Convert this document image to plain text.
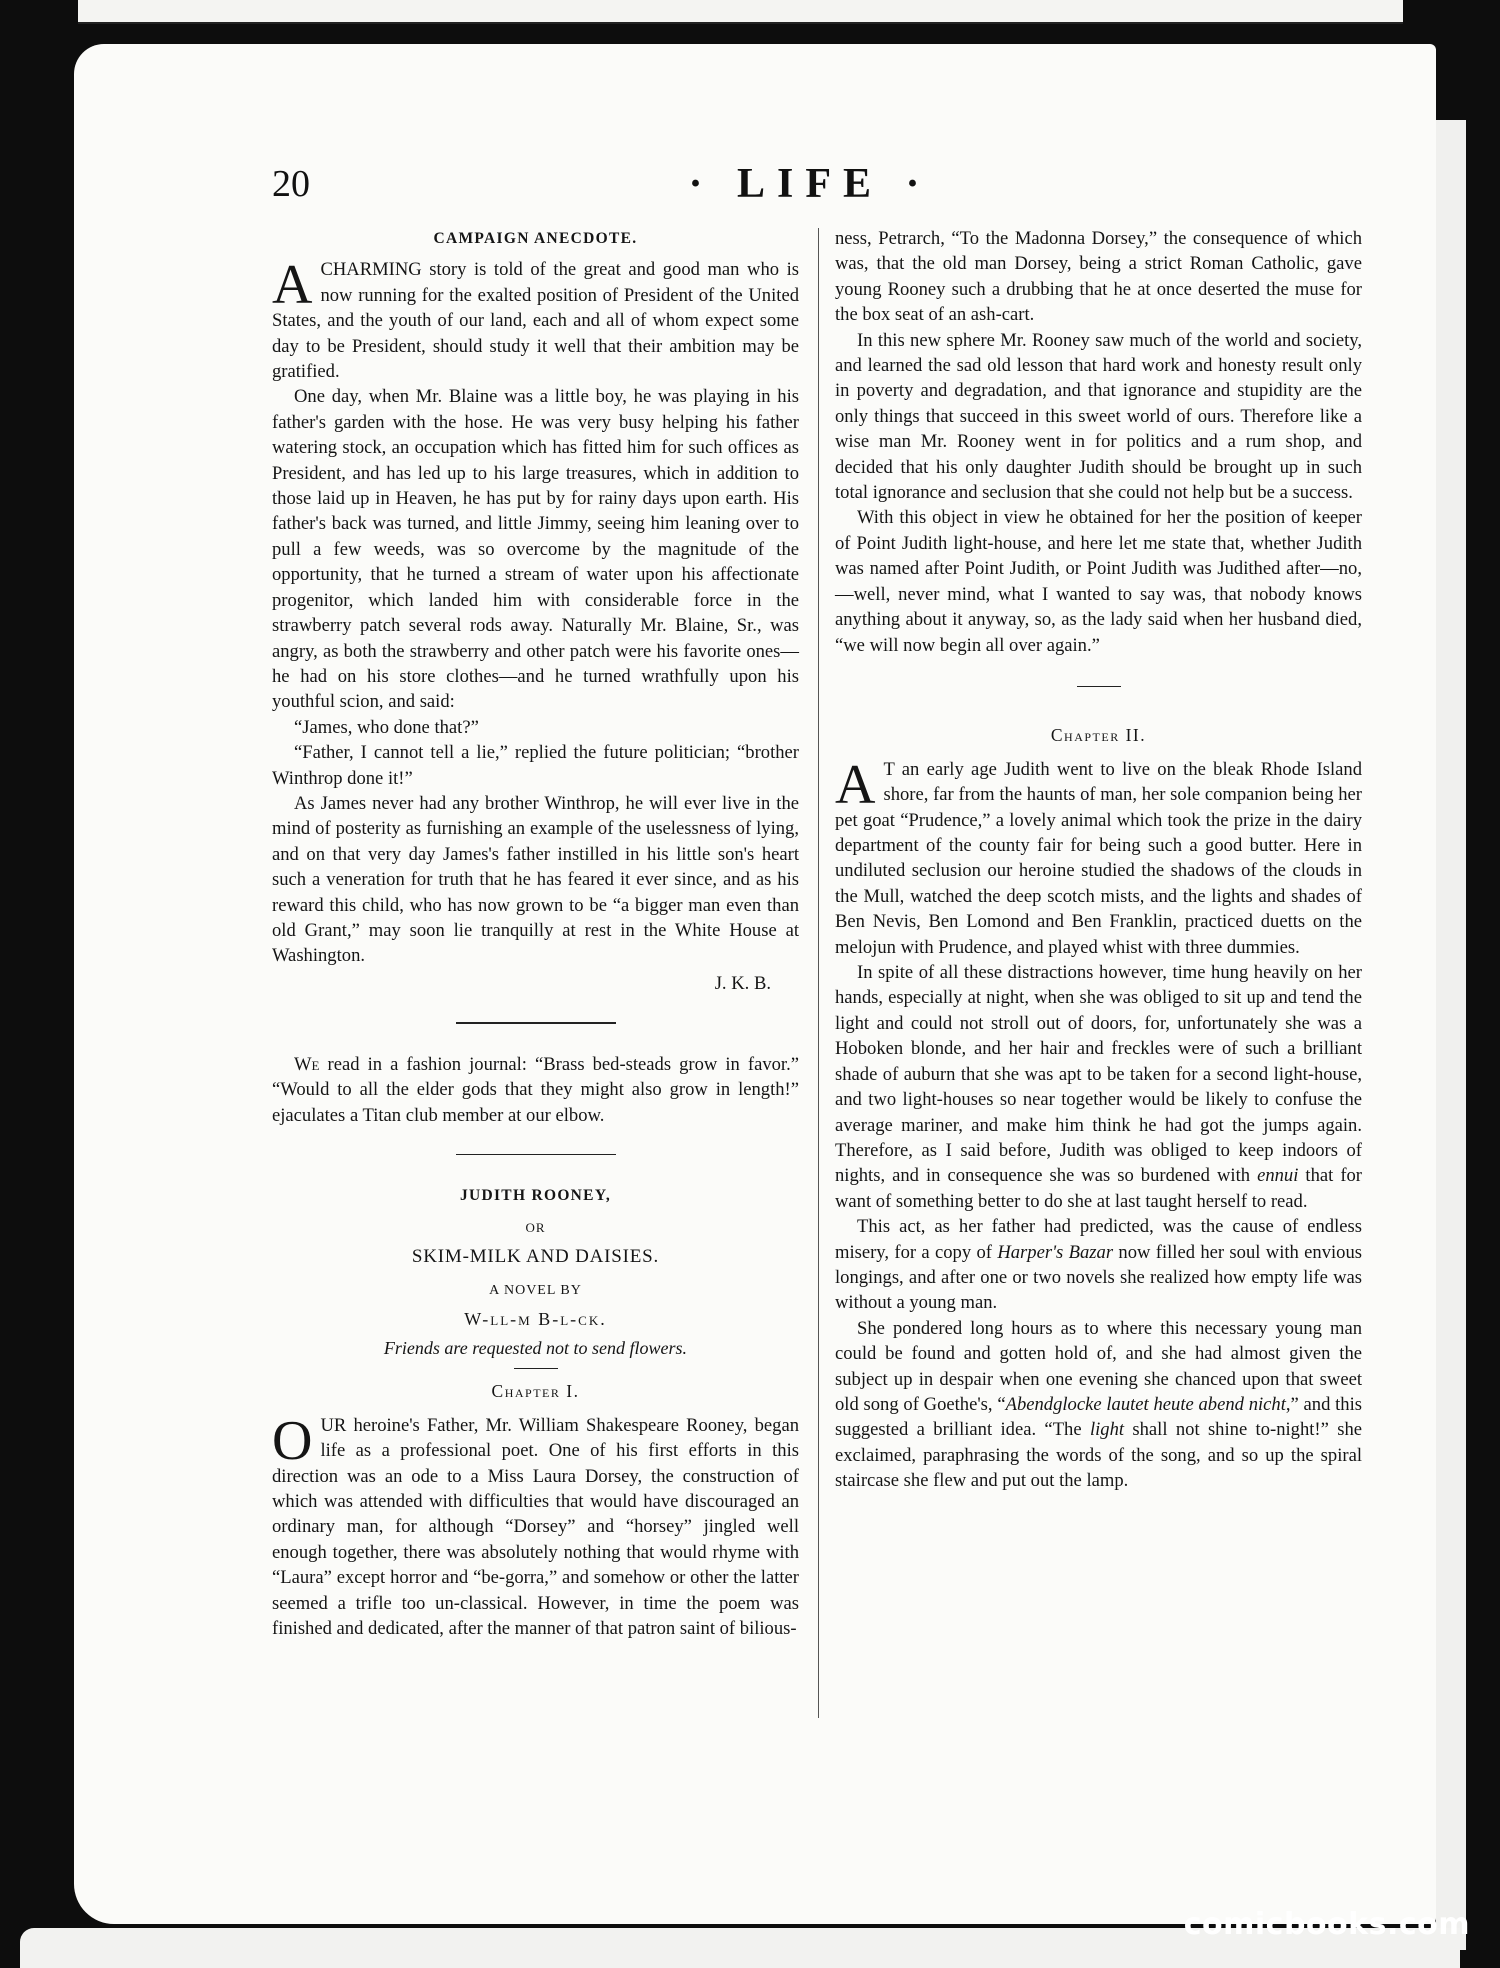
20	· LIFE ·
CAMPAIGN ANECDOTE.

A CHARMING story is told of the great and good man who is now running for the exalted position of President of the United States, and the youth of our land, each and all of whom expect some day to be President, should study it well that their ambition may be gratified.

One day, when Mr. Blaine was a little boy, he was playing in his father's garden with the hose. He was very busy helping his father watering stock, an occupation which has fitted him for such offices as President, and has led up to his large treasures, which in addition to those laid up in Heaven, he has put by for rainy days upon earth. His father's back was turned, and little Jimmy, seeing him leaning over to pull a few weeds, was so overcome by the magnitude of the opportunity, that he turned a stream of water upon his affectionate progenitor, which landed him with considerable force in the strawberry patch several rods away. Naturally Mr. Blaine, Sr., was angry, as both the strawberry and other patch were his favorite ones—he had on his store clothes—and he turned wrathfully upon his youthful scion, and said:

“James, who done that?”

“Father, I cannot tell a lie,” replied the future politician; “brother Winthrop done it!”

As James never had any brother Winthrop, he will ever live in the mind of posterity as furnishing an example of the uselessness of lying, and on that very day James's father instilled in his little son's heart such a veneration for truth that he has feared it ever since, and as his reward this child, who has now grown to be “a bigger man even than old Grant,” may soon lie tranquilly at rest in the White House at Washington.

J. K. B.

We read in a fashion journal: “Brass bed-steads grow in favor.” “Would to all the elder gods that they might also grow in length!” ejaculates a Titan club member at our elbow.

JUDITH ROONEY,
OR
SKIM-MILK AND DAISIES.
A NOVEL BY
W-ll-m B-l-ck.
Friends are requested not to send flowers.
Chapter I.

OUR heroine's Father, Mr. William Shakespeare Rooney, began life as a professional poet. One of his first efforts in this direction was an ode to a Miss Laura Dorsey, the construction of which was attended with difficulties that would have discouraged an ordinary man, for although “Dorsey” and “horsey” jingled well enough together, there was absolutely nothing that would rhyme with “Laura” except horror and “be-gorra,” and somehow or other the latter seemed a trifle too un-classical. However, in time the poem was finished and dedicated, after the manner of that patron saint of bilious-

ness, Petrarch, “To the Madonna Dorsey,” the consequence of which was, that the old man Dorsey, being a strict Roman Catholic, gave young Rooney such a drubbing that he at once deserted the muse for the box seat of an ash-cart.

In this new sphere Mr. Rooney saw much of the world and society, and learned the sad old lesson that hard work and honesty result only in poverty and degradation, and that ignorance and stupidity are the only things that succeed in this sweet world of ours. Therefore like a wise man Mr. Rooney went in for politics and a rum shop, and decided that his only daughter Judith should be brought up in such total ignorance and seclusion that she could not help but be a success.

With this object in view he obtained for her the position of keeper of Point Judith light-house, and here let me state that, whether Judith was named after Point Judith, or Point Judith was Judithed after—no,—well, never mind, what I wanted to say was, that nobody knows anything about it anyway, so, as the lady said when her husband died, “we will now begin all over again.”

Chapter II.

A T an early age Judith went to live on the bleak Rhode Island shore, far from the haunts of man, her sole companion being her pet goat “Prudence,” a lovely animal which took the prize in the dairy department of the county fair for being such a good butter. Here in undiluted seclusion our heroine studied the shadows of the clouds in the Mull, watched the deep scotch mists, and the lights and shades of Ben Nevis, Ben Lomond and Ben Franklin, practiced duetts on the melojun with Prudence, and played whist with three dummies.

In spite of all these distractions however, time hung heavily on her hands, especially at night, when she was obliged to sit up and tend the light and could not stroll out of doors, for, unfortunately she was a Hoboken blonde, and her hair and freckles were of such a brilliant shade of auburn that she was apt to be taken for a second light-house, and two light-houses so near together would be likely to confuse the average mariner, and make him think he had got the jumps again. Therefore, as I said before, Judith was obliged to keep indoors of nights, and in consequence she was so burdened with ennui that for want of something better to do she at last taught herself to read.

This act, as her father had predicted, was the cause of endless misery, for a copy of Harper's Bazar now filled her soul with envious longings, and after one or two novels she realized how empty life was without a young man.

She pondered long hours as to where this necessary young man could be found and gotten hold of, and she had almost given the subject up in despair when one evening she chanced upon that sweet old song of Goethe's, “Abendglocke lautet heute abend nicht,” and this suggested a brilliant idea. “The light shall not shine to-night!” she exclaimed, paraphrasing the words of the song, and so up the spiral staircase she flew and put out the lamp.

comicbooks.com
